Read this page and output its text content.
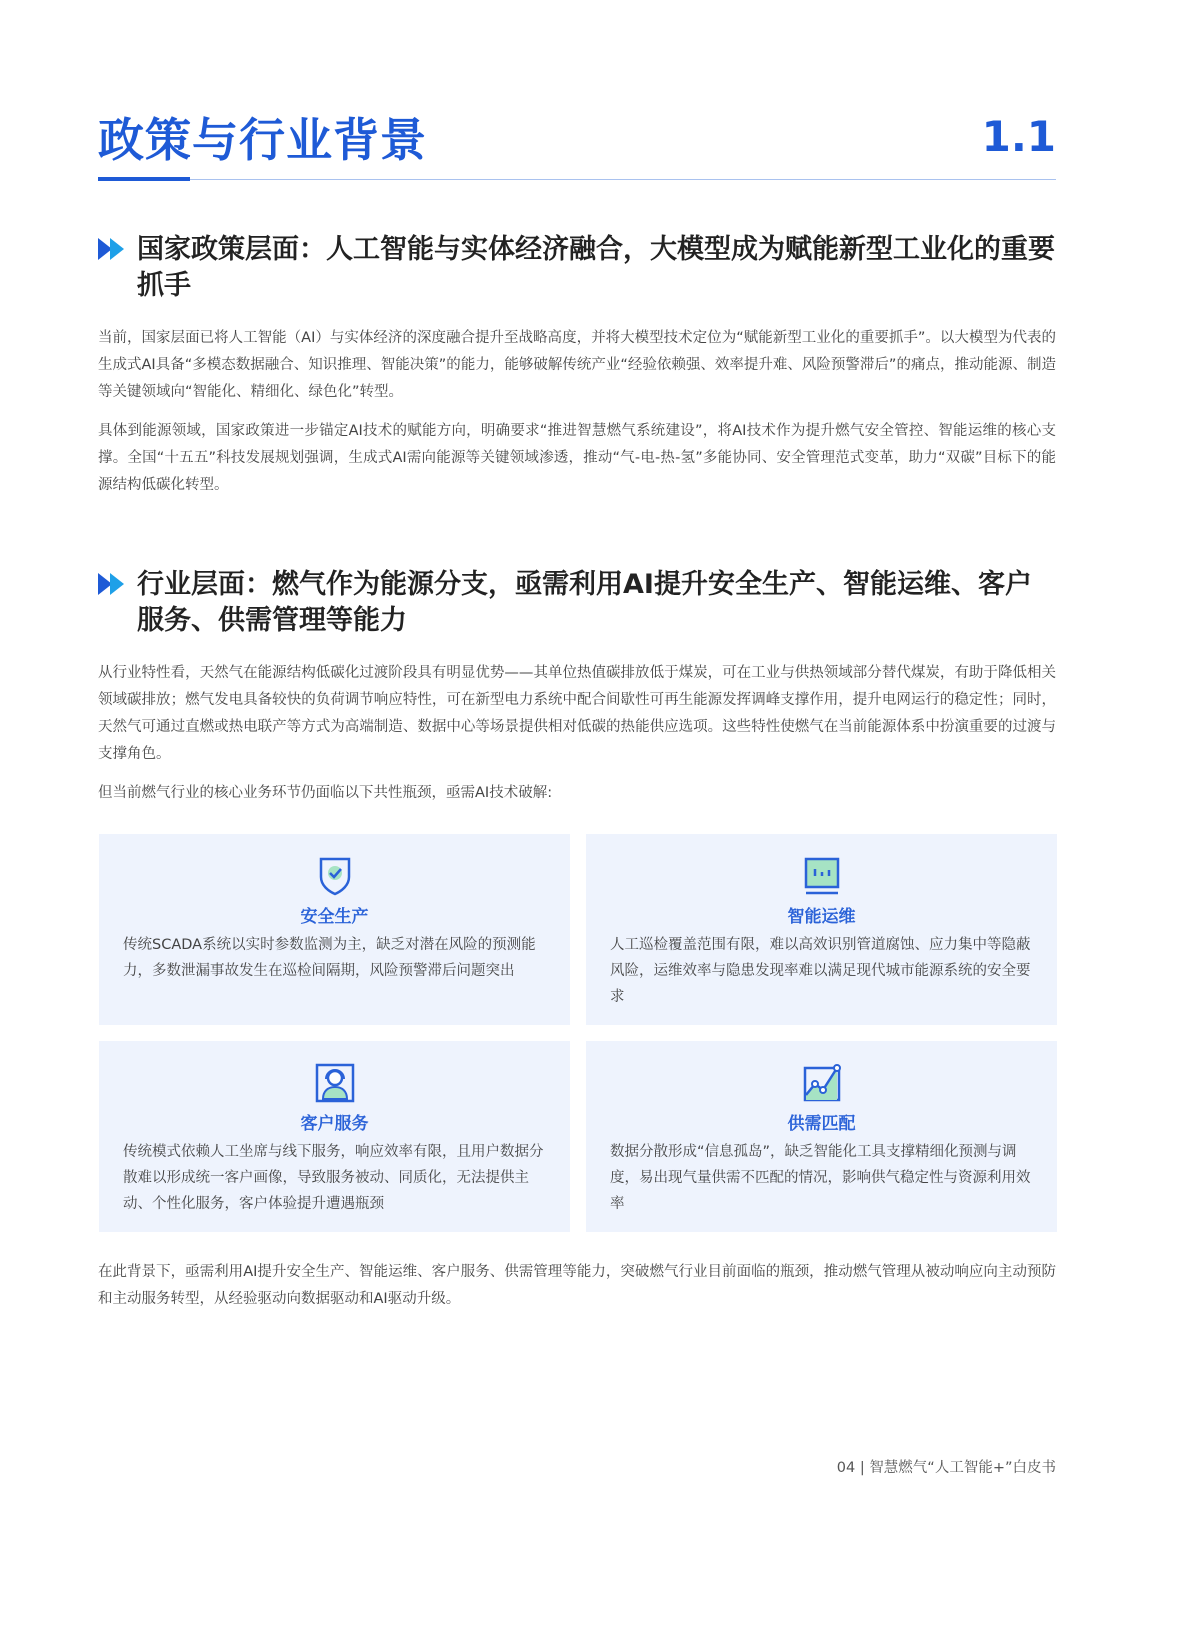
政策与行业背景	1.1
国家政策层面：人工智能与实体经济融合，大模型成为赋能新型工业化的重要抓手
当前，国家层面已将人工智能（AI）与实体经济的深度融合提升至战略高度，并将大模型技术定位为“赋能新型工业化的重要抓手”。以大模型为代表的生成式AI具备“多模态数据融合、知识推理、智能决策”的能力，能够破解传统产业“经验依赖强、效率提升难、风险预警滞后”的痛点，推动能源、制造等关键领域向“智能化、精细化、绿色化”转型。
具体到能源领域，国家政策进一步锚定AI技术的赋能方向，明确要求“推进智慧燃气系统建设”，将AI技术作为提升燃气安全管控、智能运维的核心支撑。全国“十五五”科技发展规划强调，生成式AI需向能源等关键领域渗透，推动“气-电-热-氢”多能协同、安全管理范式变革，助力“双碳”目标下的能源结构低碳化转型。
行业层面：燃气作为能源分支，亟需利用AI提升安全生产、智能运维、客户服务、供需管理等能力
从行业特性看，天然气在能源结构低碳化过渡阶段具有明显优势——其单位热值碳排放低于煤炭，可在工业与供热领域部分替代煤炭，有助于降低相关领域碳排放；燃气发电具备较快的负荷调节响应特性，可在新型电力系统中配合间歇性可再生能源发挥调峰支撑作用，提升电网运行的稳定性；同时，天然气可通过直燃或热电联产等方式为高端制造、数据中心等场景提供相对低碳的热能供应选项。这些特性使燃气在当前能源体系中扮演重要的过渡与支撑角色。
但当前燃气行业的核心业务环节仍面临以下共性瓶颈，亟需AI技术破解:
安全生产
传统SCADA系统以实时参数监测为主，缺乏对潜在风险的预测能力，多数泄漏事故发生在巡检间隔期，风险预警滞后问题突出
智能运维
人工巡检覆盖范围有限，难以高效识别管道腐蚀、应力集中等隐蔽风险，运维效率与隐患发现率难以满足现代城市能源系统的安全要求
客户服务
传统模式依赖人工坐席与线下服务，响应效率有限，且用户数据分散难以形成统一客户画像，导致服务被动、同质化，无法提供主动、个性化服务，客户体验提升遭遇瓶颈
供需匹配
数据分散形成“信息孤岛”，缺乏智能化工具支撑精细化预测与调度，易出现气量供需不匹配的情况，影响供气稳定性与资源利用效率
在此背景下，亟需利用AI提升安全生产、智能运维、客户服务、供需管理等能力，突破燃气行业目前面临的瓶颈，推动燃气管理从被动响应向主动预防和主动服务转型，从经验驱动向数据驱动和AI驱动升级。
04 | 智慧燃气“人工智能+”白皮书
